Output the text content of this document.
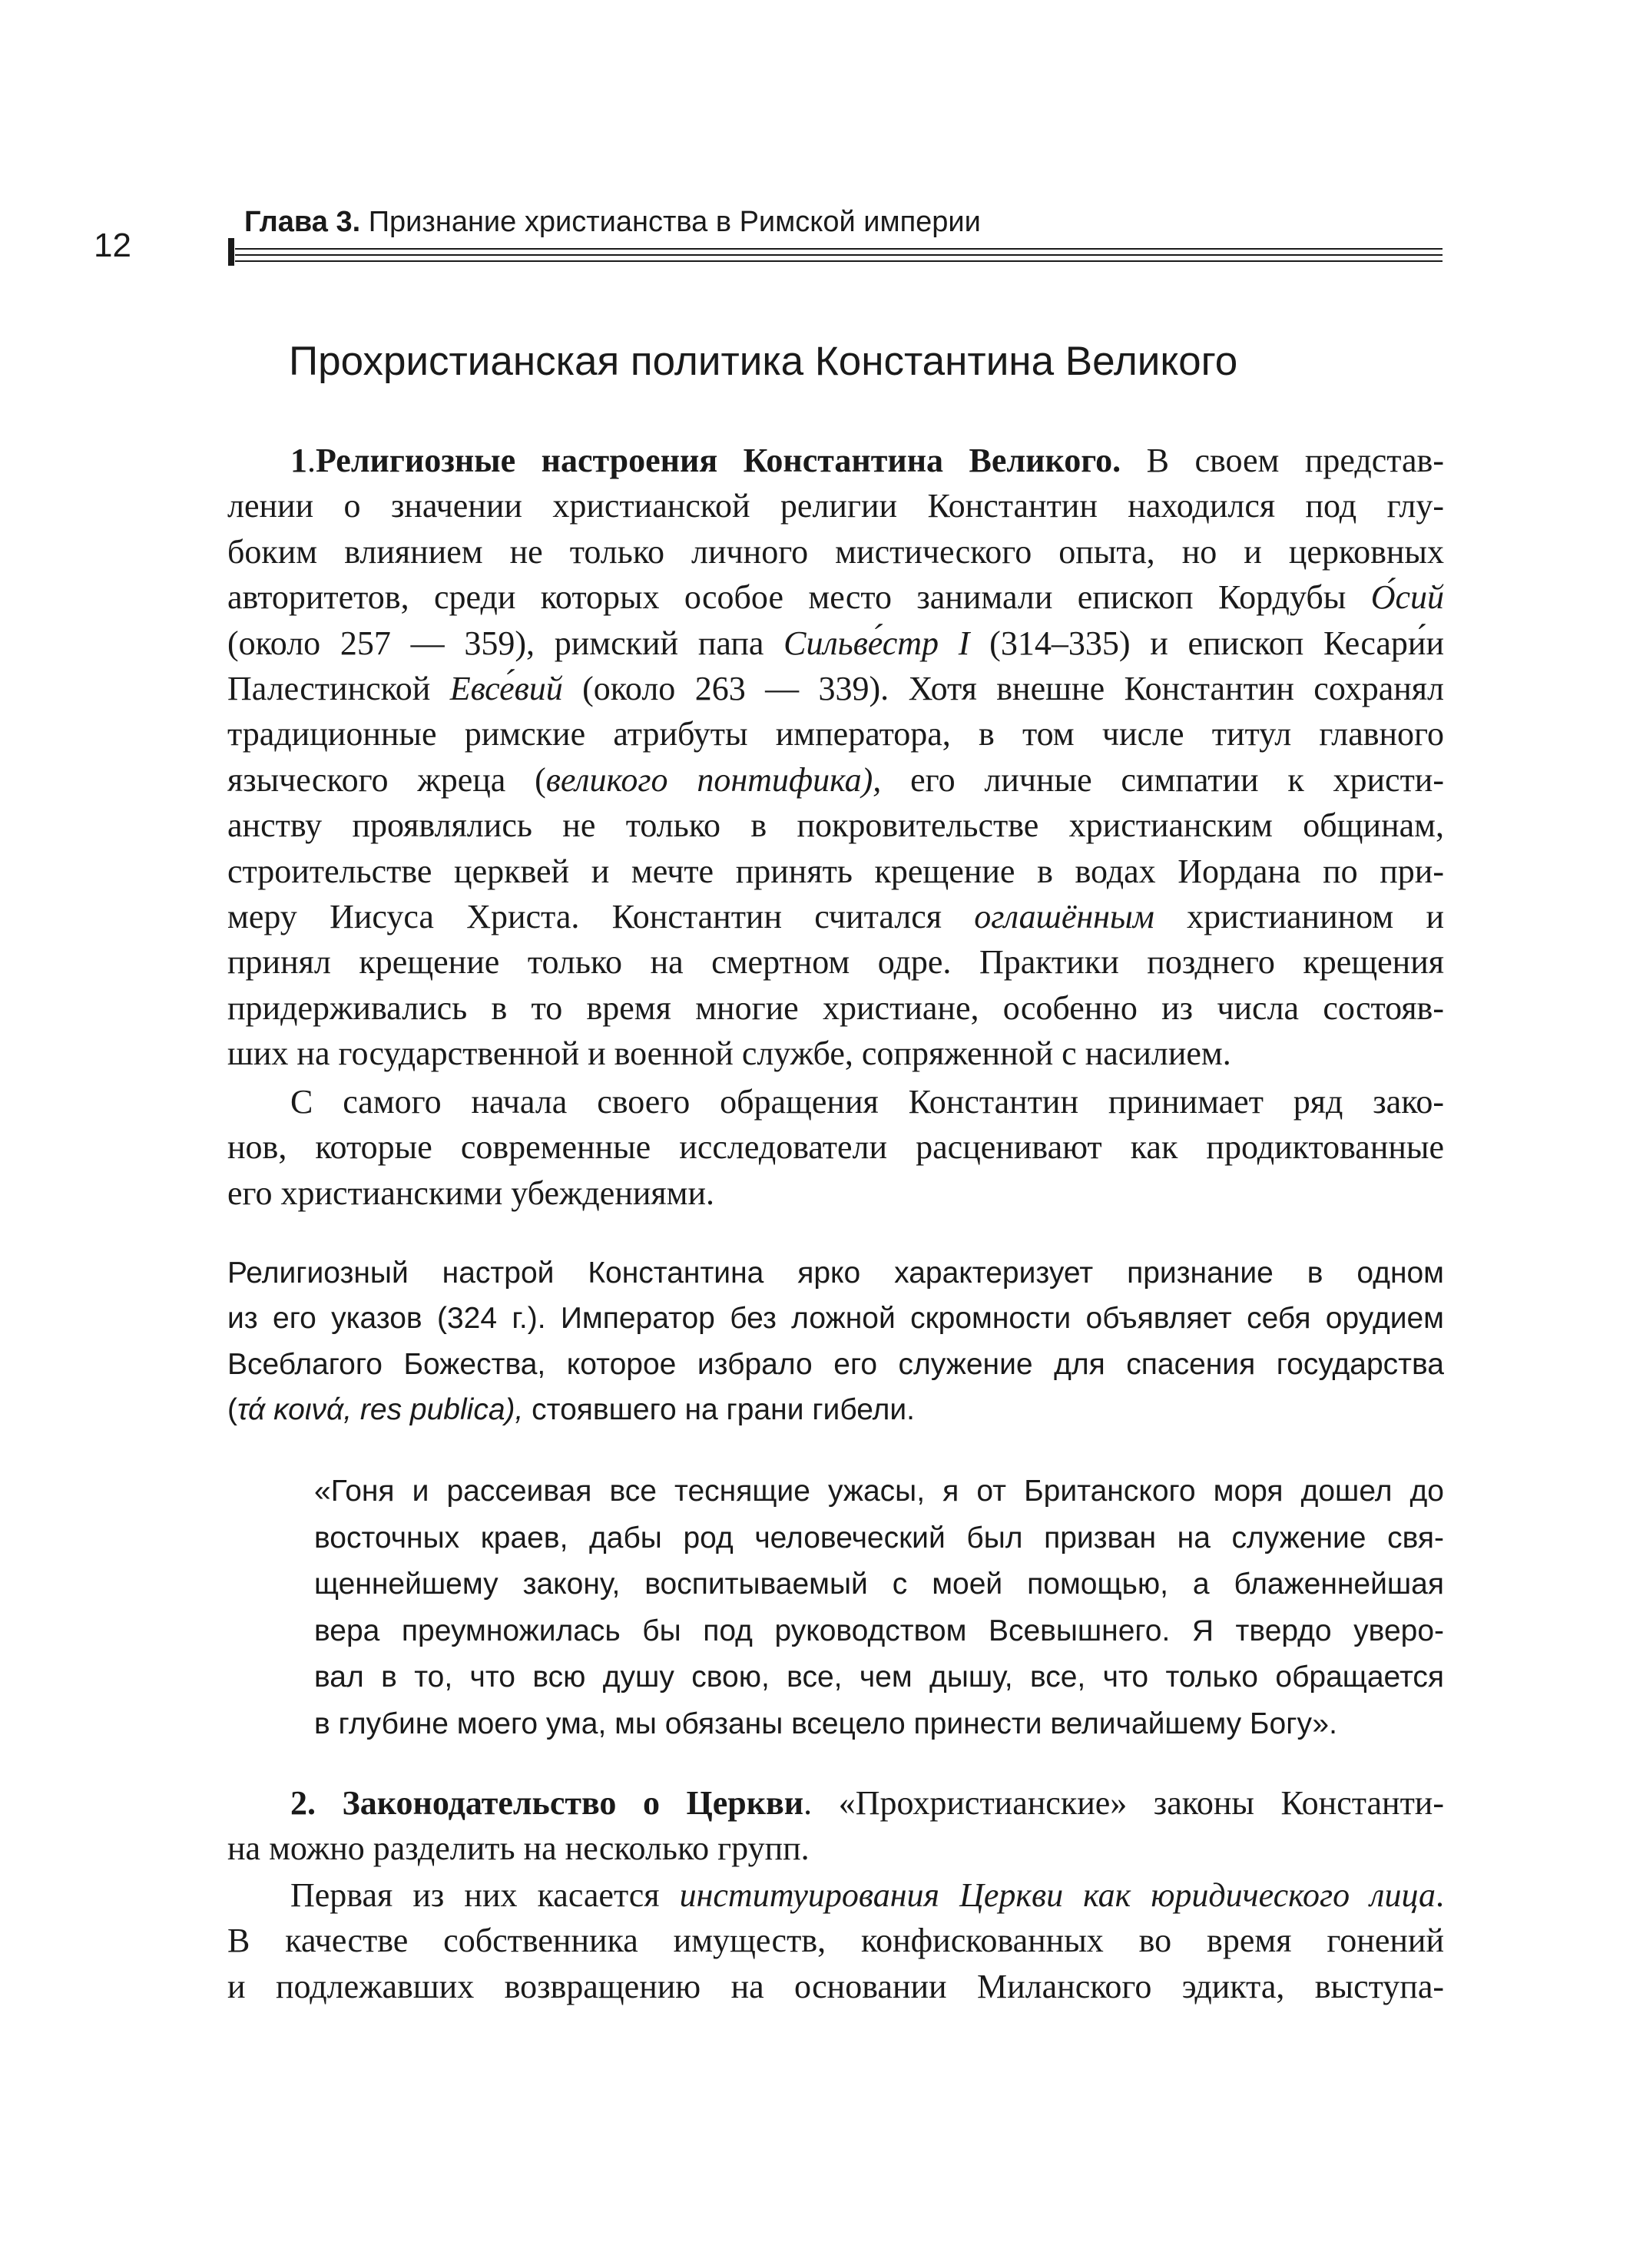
12
Глава 3. Признание христианства в Римской империи
Прохристианская политика Константина Великого
1.Религиозные настроения Константина Великого. В своем представ-
лении о значении христианской религии Константин находился под глу-
боким влиянием не только личного мистического опыта, но и церковных
авторитетов, среди которых особое место занимали епископ Кордубы О́сий
(около 257 — 359), римский папа Сильве́стр I (314–335) и епископ Кесари́и
Палестинской Евсе́вий (около 263 — 339). Хотя внешне Константин сохранял
традиционные римские атрибуты императора, в том числе титул главного
языческого жреца (великого понтифика), его личные симпатии к христи-
анству проявлялись не только в покровительстве христианским общинам,
строительстве церквей и мечте принять крещение в водах Иордана по при-
меру Иисуса Христа. Константин считался оглашённым христианином и
принял крещение только на смертном одре. Практики позднего крещения
придерживались в то время многие христиане, особенно из числа состояв-
ших на государственной и военной службе, сопряженной с насилием.
С самого начала своего обращения Константин принимает ряд зако-
нов, которые современные исследователи расценивают как продиктованные
его христианскими убеждениями.
Религиозный настрой Константина ярко характеризует признание в одном
из его указов (324 г.). Император без ложной скромности объявляет себя орудием
Всеблагого Божества, которое избрало его служение для спасения государства
(τά κοινά, res publica), стоявшего на грани гибели.
«Гоня и рассеивая все теснящие ужасы, я от Британского моря дошел до
восточных краев, дабы род человеческий был призван на служение свя-
щеннейшему закону, воспитываемый с моей помощью, а блаженнейшая
вера преумножилась бы под руководством Всевышнего. Я твердо уверо-
вал в то, что всю душу свою, все, чем дышу, все, что только обращается
в глубине моего ума, мы обязаны всецело принести величайшему Богу».
2. Законодательство о Церкви. «Прохристианские» законы Константи-
на можно разделить на несколько групп.
Первая из них касается институирования Церкви как юридического лица.
В качестве собственника имуществ, конфискованных во время гонений
и подлежавших возвращению на основании Миланского эдикта, выступа-
